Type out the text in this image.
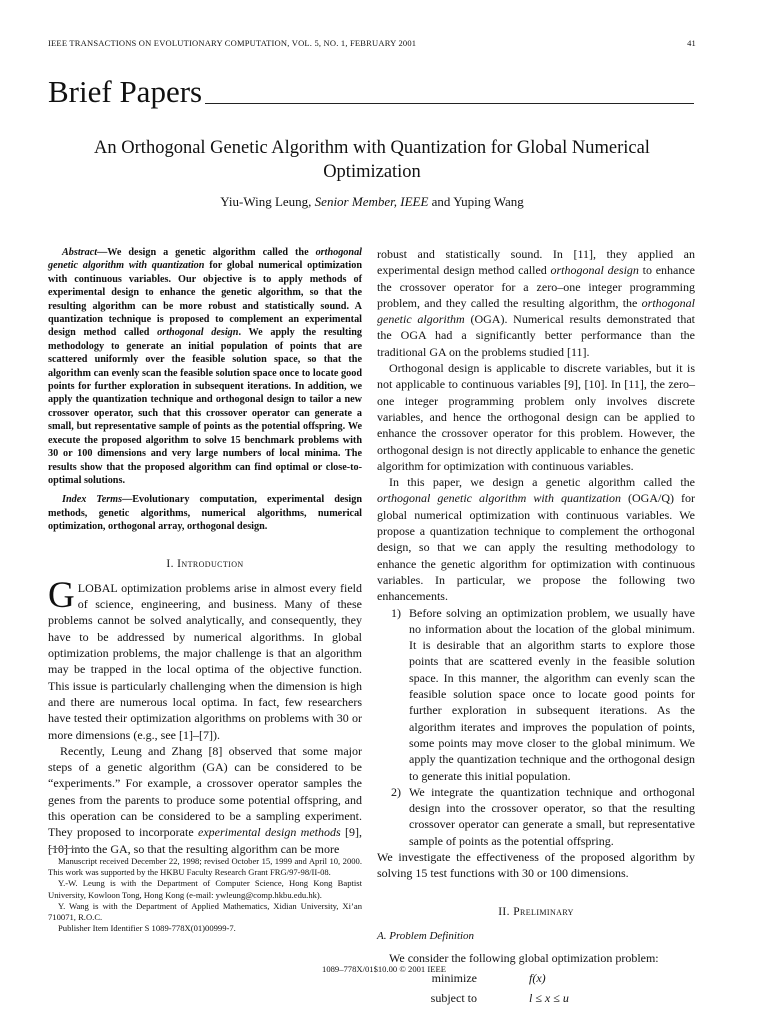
IEEE TRANSACTIONS ON EVOLUTIONARY COMPUTATION, VOL. 5, NO. 1, FEBRUARY 2001	41
Brief Papers
An Orthogonal Genetic Algorithm with Quantization for Global Numerical Optimization
Yiu-Wing Leung, Senior Member, IEEE and Yuping Wang

Abstract—We design a genetic algorithm called the orthogonal genetic algorithm with quantization for global numerical optimization with continuous variables. Our objective is to apply methods of experimental design to enhance the genetic algorithm, so that the resulting algorithm can be more robust and statistically sound. A quantization technique is proposed to complement an experimental design method called orthogonal design. We apply the resulting methodology to generate an initial population of points that are scattered uniformly over the feasible solution space, so that the algorithm can evenly scan the feasible solution space once to locate good points for further exploration in subsequent iterations. In addition, we apply the quantization technique and orthogonal design to tailor a new crossover operator, such that this crossover operator can generate a small, but representative sample of points as the potential offspring. We execute the proposed algorithm to solve 15 benchmark problems with 30 or 100 dimensions and very large numbers of local minima. The results show that the proposed algorithm can find optimal or close-to-optimal solutions.

Index Terms—Evolutionary computation, experimental design methods, genetic algorithms, numerical algorithms, numerical optimization, orthogonal array, orthogonal design.

I. Introduction

GLOBAL optimization problems arise in almost every field of science, engineering, and business. Many of these problems cannot be solved analytically, and consequently, they have to be addressed by numerical algorithms. In global optimization problems, the major challenge is that an algorithm may be trapped in the local optima of the objective function. This issue is particularly challenging when the dimension is high and there are numerous local optima. In fact, few researchers have tested their optimization algorithms on problems with 30 or more dimensions (e.g., see [1]–[7]).

Recently, Leung and Zhang [8] observed that some major steps of a genetic algorithm (GA) can be considered to be “experiments.” For example, a crossover operator samples the genes from the parents to produce some potential offspring, and this operation can be considered to be a sampling experiment. They proposed to incorporate experimental design methods [9], [10] into the GA, so that the resulting algorithm can be more

robust and statistically sound. In [11], they applied an experimental design method called orthogonal design to enhance the crossover operator for a zero–one integer programming problem, and they called the resulting algorithm, the orthogonal genetic algorithm (OGA). Numerical results demonstrated that the OGA had a significantly better performance than the traditional GA on the problems studied [11].

Orthogonal design is applicable to discrete variables, but it is not applicable to continuous variables [9], [10]. In [11], the zero–one integer programming problem only involves discrete variables, and hence the orthogonal design can be applied to enhance the crossover operator for this problem. However, the orthogonal design is not directly applicable to enhance the genetic algorithm for optimization with continuous variables.

In this paper, we design a genetic algorithm called the orthogonal genetic algorithm with quantization (OGA/Q) for global numerical optimization with continuous variables. We propose a quantization technique to complement the orthogonal design, so that we can apply the resulting methodology to enhance the genetic algorithm for optimization with continuous variables. In particular, we propose the following two enhancements.

1) Before solving an optimization problem, we usually have no information about the location of the global minimum. It is desirable that an algorithm starts to explore those points that are scattered evenly in the feasible solution space. In this manner, the algorithm can evenly scan the feasible solution space once to locate good points for further exploration in subsequent iterations. As the algorithm iterates and improves the population of points, some points may move closer to the global minimum. We apply the quantization technique and the orthogonal design to generate this initial population.
2) We integrate the quantization technique and orthogonal design into the crossover operator, so that the resulting crossover operator can generate a small, but representative sample of points as the potential offspring.

We investigate the effectiveness of the proposed algorithm by solving 15 test functions with 30 or 100 dimensions.

II. Preliminary
A. Problem Definition

We consider the following global optimization problem:

minimize	f(x)
subject to	l ≤ x ≤ u

Manuscript received December 22, 1998; revised October 15, 1999 and April 10, 2000. This work was supported by the HKBU Faculty Research Grant FRG/97-98/II-08.

Y.-W. Leung is with the Department of Computer Science, Hong Kong Baptist University, Kowloon Tong, Hong Kong (e-mail: ywleung@comp.hkbu.edu.hk).

Y. Wang is with the Department of Applied Mathematics, Xidian University, Xi’an 710071, R.O.C.

Publisher Item Identifier S 1089-778X(01)00999-7.

1089–778X/01$10.00 © 2001 IEEE
